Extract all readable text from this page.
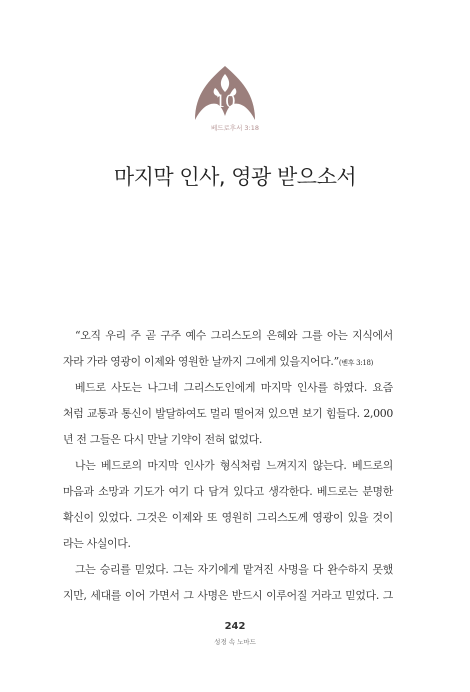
10
베드로후서 3:18
마지막 인사, 영광 받으소서
“오직 우리 주 곧 구주 예수 그리스도의 은혜와 그를 아는 지식에서
자라 가라 영광이 이제와 영원한 날까지 그에게 있을지어다.”(벧후 3:18)
베드로 사도는 나그네 그리스도인에게 마지막 인사를 하였다. 요즘
처럼 교통과 통신이 발달하여도 멀리 떨어져 있으면 보기 힘들다. 2,000
년 전 그들은 다시 만날 기약이 전혀 없었다.
나는 베드로의 마지막 인사가 형식처럼 느껴지지 않는다. 베드로의
마음과 소망과 기도가 여기 다 담겨 있다고 생각한다. 베드로는 분명한
확신이 있었다. 그것은 이제와 또 영원히 그리스도께 영광이 있을 것이
라는 사실이다.
그는 승리를 믿었다. 그는 자기에게 맡겨진 사명을 다 완수하지 못했
지만, 세대를 이어 가면서 그 사명은 반드시 이루어질 거라고 믿었다. 그
242
성경 속 노마드
